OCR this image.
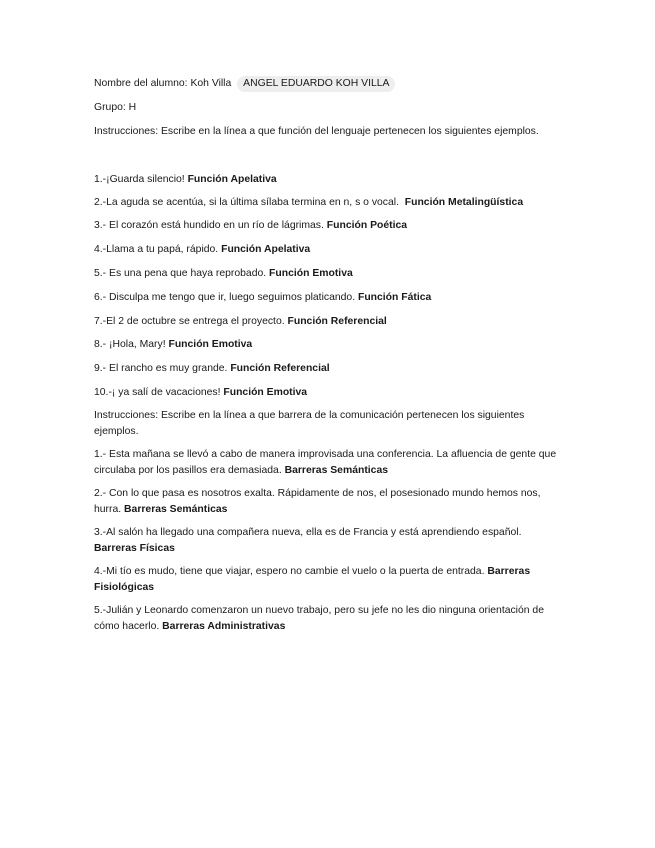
Nombre del alumno: Koh Villa ANGEL EDUARDO KOH VILLA
Grupo: H
Instrucciones: Escribe en la línea a que función del lenguaje pertenecen los siguientes ejemplos.
1.-¡Guarda silencio! Función Apelativa
2.-La aguda se acentúa, si la última sílaba termina en n, s o vocal. Función Metalingüística
3.- El corazón está hundido en un río de lágrimas. Función Poética
4.-Llama a tu papá, rápido. Función Apelativa
5.- Es una pena que haya reprobado. Función Emotiva
6.- Disculpa me tengo que ir, luego seguimos platicando. Función Fática
7.-El 2 de octubre se entrega el proyecto. Función Referencial
8.- ¡Hola, Mary! Función Emotiva
9.- El rancho es muy grande. Función Referencial
10.-¡ ya salí de vacaciones! Función Emotiva
Instrucciones: Escribe en la línea a que barrera de la comunicación pertenecen los siguientes ejemplos.
1.- Esta mañana se llevó a cabo de manera improvisada una conferencia. La afluencia de gente que circulaba por los pasillos era demasiada. Barreras Semánticas
2.- Con lo que pasa es nosotros exalta. Rápidamente de nos, el posesionado mundo hemos nos, hurra. Barreras Semánticas
3.-Al salón ha llegado una compañera nueva, ella es de Francia y está aprendiendo español. Barreras Físicas
4.-Mi tío es mudo, tiene que viajar, espero no cambie el vuelo o la puerta de entrada. Barreras Fisiológicas
5.-Julián y Leonardo comenzaron un nuevo trabajo, pero su jefe no les dio ninguna orientación de cómo hacerlo. Barreras Administrativas
